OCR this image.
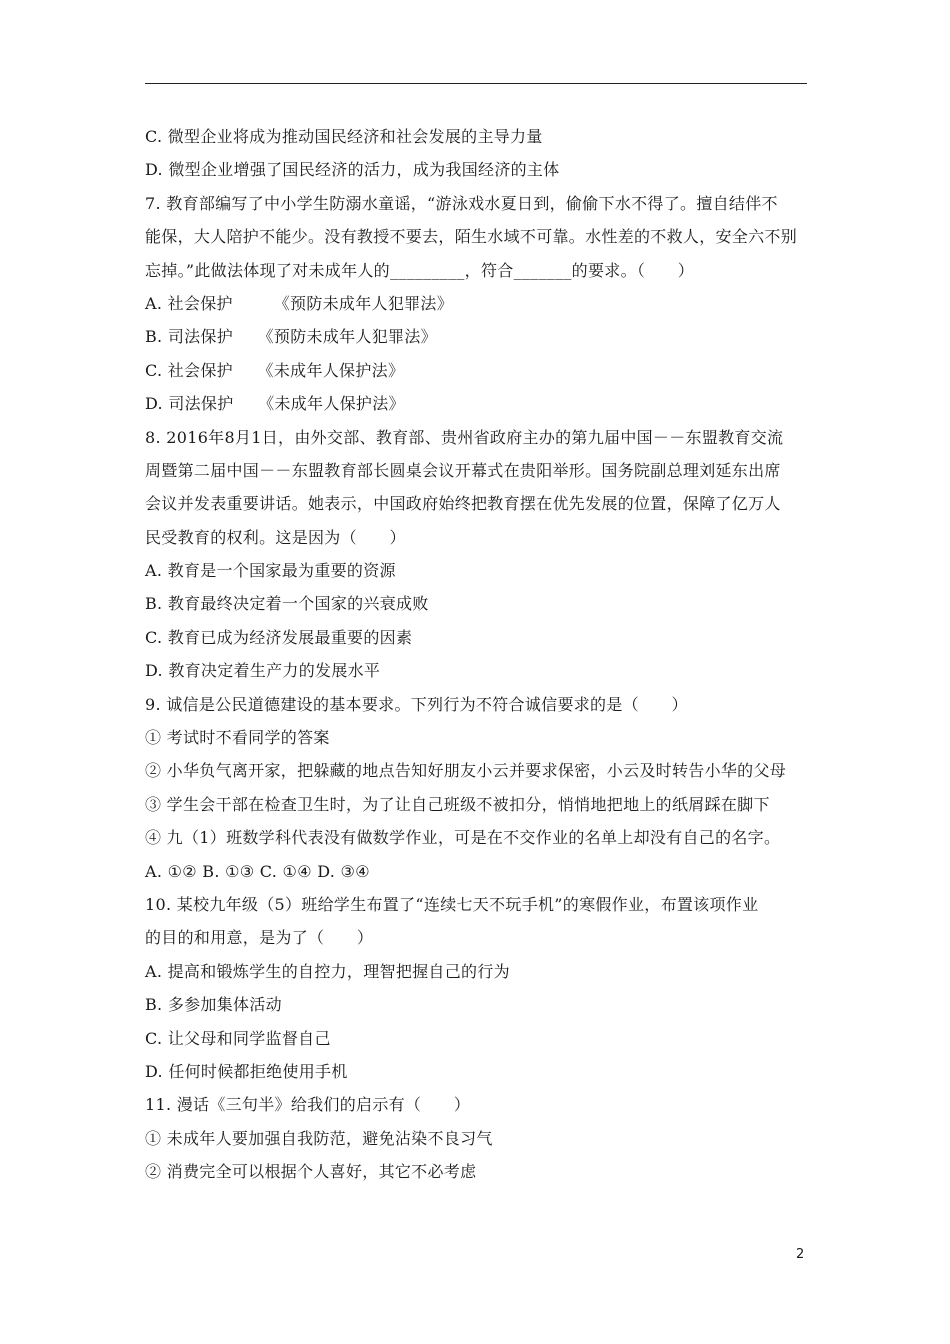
C. 微型企业将成为推动国民经济和社会发展的主导力量
D. 微型企业增强了国民经济的活力，成为我国经济的主体
7. 教育部编写了中小学生防溺水童谣，“游泳戏水夏日到，偷偷下水不得了。擅自结伴不
能保，大人陪护不能少。没有教授不要去，陌生水域不可靠。水性差的不救人，安全六不别
忘掉。”此做法体现了对未成年人的_________，符合_______的要求。（　　）
A. 社会保护　　　《预防未成年人犯罪法》
B. 司法保护　　《预防未成年人犯罪法》
C. 社会保护　　《未成年人保护法》
D. 司法保护　　《未成年人保护法》
8. 2016年8月1日，由外交部、教育部、贵州省政府主办的第九届中国－－东盟教育交流
周暨第二届中国－－东盟教育部长圆桌会议开幕式在贵阳举形。国务院副总理刘延东出席
会议并发表重要讲话。她表示，中国政府始终把教育摆在优先发展的位置，保障了亿万人
民受教育的权利。这是因为（　　）
A. 教育是一个国家最为重要的资源
B. 教育最终决定着一个国家的兴衰成败
C. 教育已成为经济发展最重要的因素
D. 教育决定着生产力的发展水平
9. 诚信是公民道德建设的基本要求。下列行为不符合诚信要求的是（　　）
① 考试时不看同学的答案
② 小华负气离开家，把躲藏的地点告知好朋友小云并要求保密，小云及时转告小华的父母
③ 学生会干部在检查卫生时，为了让自己班级不被扣分，悄悄地把地上的纸屑踩在脚下
④ 九（1）班数学科代表没有做数学作业，可是在不交作业的名单上却没有自己的名字。
A. ①② B. ①③ C. ①④ D. ③④
10. 某校九年级（5）班给学生布置了“连续七天不玩手机”的寒假作业，布置该项作业
的目的和用意，是为了（　　）
A. 提高和锻炼学生的自控力，理智把握自己的行为
B. 多参加集体活动
C. 让父母和同学监督自己
D. 任何时候都拒绝使用手机
11. 漫话《三句半》给我们的启示有（　　）
① 未成年人要加强自我防范，避免沾染不良习气
② 消费完全可以根据个人喜好，其它不必考虑
2
